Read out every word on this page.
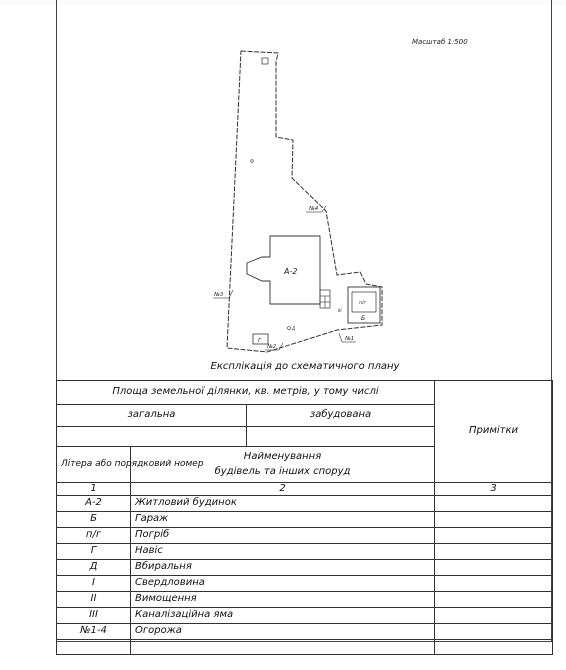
Масштаб 1:500
А-2
п/г
Б
Г
Д
ІІІ
№3
№4
№1
№2
Експлікація до схематичного плану
Площа земельної ділянки, кв. метрів, у тому числі			Примітки
загальна		забудована	

Літера або порядковий номер	Найменування
будівель та інших споруд		

1	2		3
А-2	Житловий будинок		
Б	Гараж		
п/г	Погріб		
Г	Навіс		
Д	Вбиральня		
І	Свердловина		
ІІ	Вимощення		
ІІІ	Каналізаційна яма		
№1-4	Огорожа		
